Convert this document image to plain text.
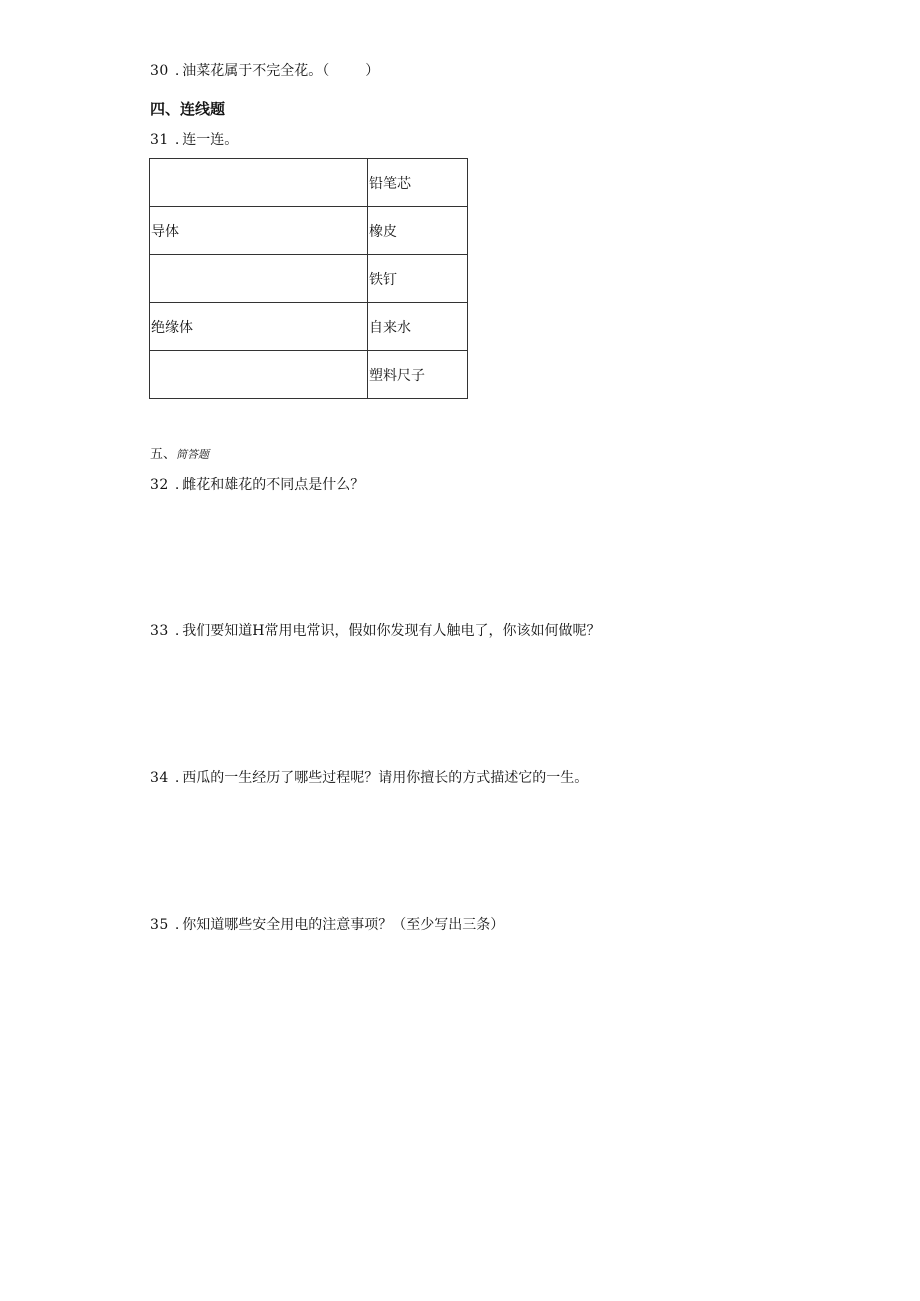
30 . 油菜花属于不完全花。（	）
四、连线题
31 . 连一连。
	铅笔芯
导体	橡皮
	铁钉
绝缘体	自来水
	塑料尺子
五、简答题
32 . 雌花和雄花的不同点是什么？
33 . 我们要知道H常用电常识，假如你发现有人触电了，你该如何做呢？
34 . 西瓜的一生经历了哪些过程呢？请用你擅长的方式描述它的一生。
35 . 你知道哪些安全用电的注意事项？（至少写出三条）
